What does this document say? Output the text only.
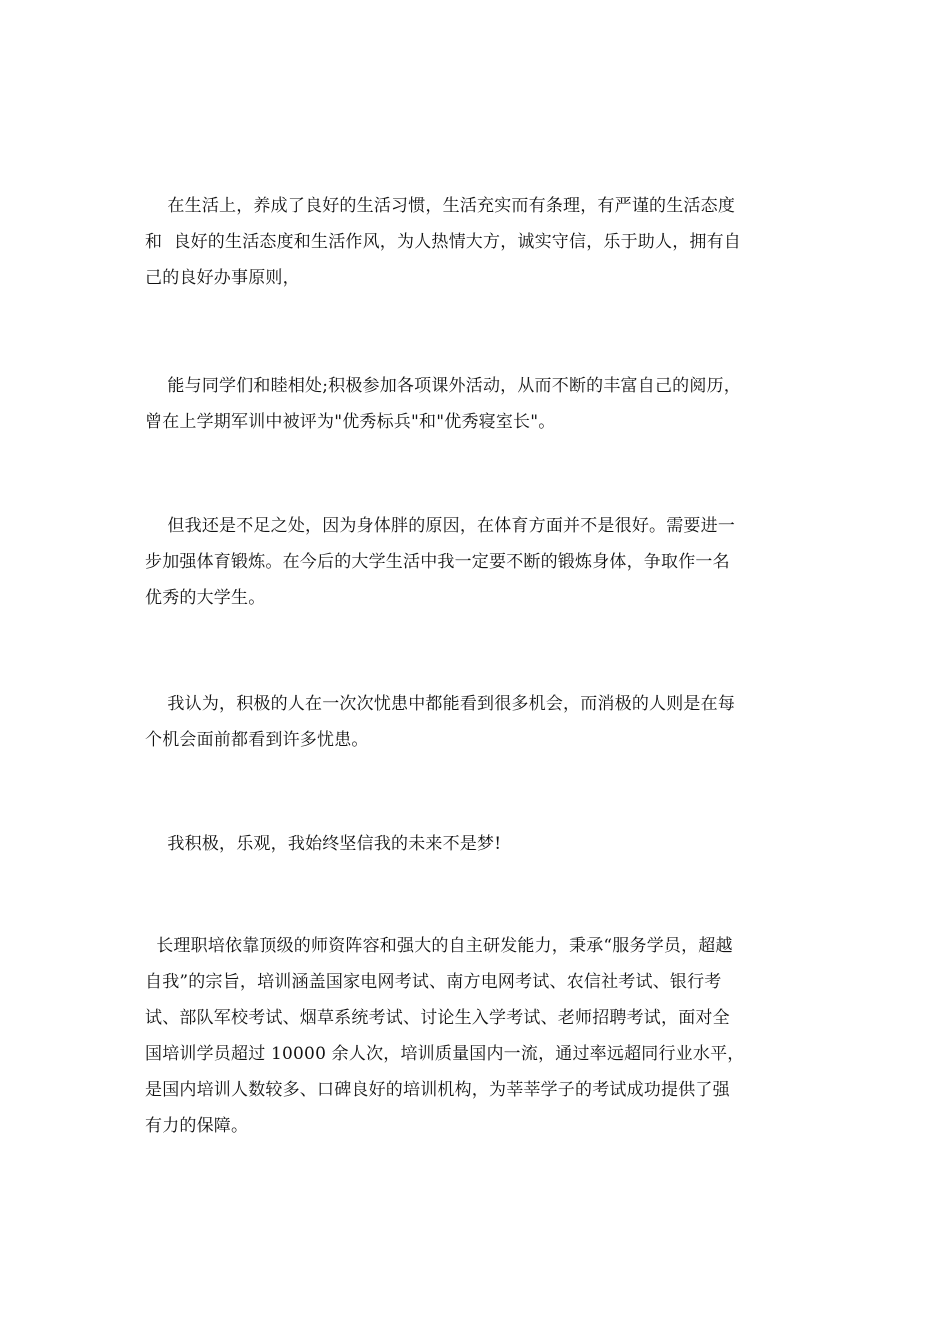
在生活上，养成了良好的生活习惯，生活充实而有条理，有严谨的生活态度
和  良好的生活态度和生活作风，为人热情大方，诚实守信，乐于助人，拥有自
己的良好办事原则，

能与同学们和睦相处;积极参加各项课外活动，从而不断的丰富自己的阅历，
曾在上学期军训中被评为"优秀标兵"和"优秀寝室长"。

但我还是不足之处，因为身体胖的原因，在体育方面并不是很好。需要进一
步加强体育锻炼。在今后的大学生活中我一定要不断的锻炼身体，争取作一名
优秀的大学生。

我认为，积极的人在一次次忧患中都能看到很多机会，而消极的人则是在每
个机会面前都看到许多忧患。

我积极，乐观，我始终坚信我的未来不是梦!

长理职培依靠顶级的师资阵容和强大的自主研发能力，秉承“服务学员，超越
自我”的宗旨，培训涵盖国家电网考试、南方电网考试、农信社考试、银行考
试、部队军校考试、烟草系统考试、讨论生入学考试、老师招聘考试，面对全
国培训学员超过 10000 余人次，培训质量国内一流，通过率远超同行业水平，
是国内培训人数较多、口碑良好的培训机构，为莘莘学子的考试成功提供了强
有力的保障。
